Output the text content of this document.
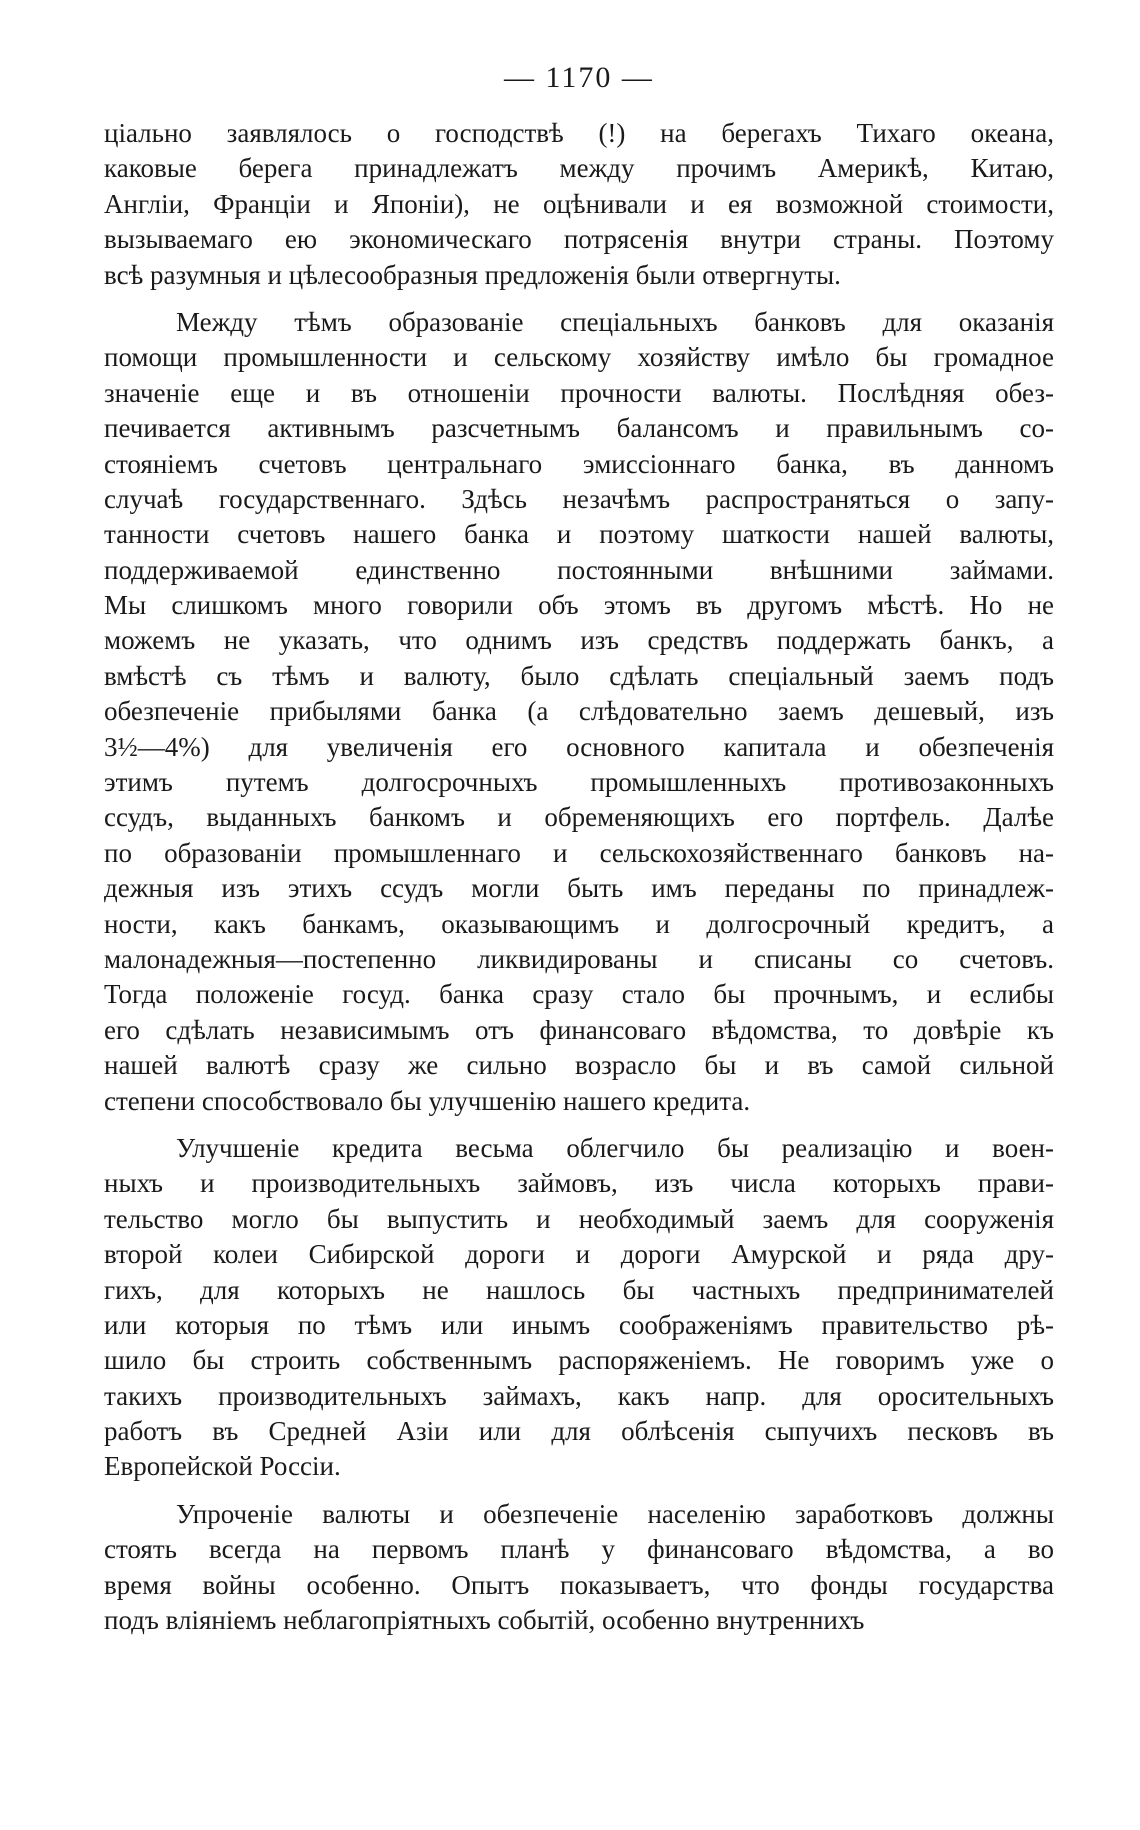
— 1170 —
ціально заявлялось о господствѣ (!) на берегахъ Тихаго океана,
каковые берега принадлежатъ между прочимъ Америкѣ, Китаю,
Англіи, Франціи и Японіи), не оцѣнивали и ея возможной стоимости,
вызываемаго ею экономическаго потрясенія внутри страны. Поэтому
всѣ разумныя и цѣлесообразныя предложенія были отвергнуты.
Между тѣмъ образованіе спеціальныхъ банковъ для оказанія
помощи промышленности и сельскому хозяйству имѣло бы громадное
значеніе еще и въ отношеніи прочности валюты. Послѣдняя обез-
печивается активнымъ разсчетнымъ балансомъ и правильнымъ со-
стояніемъ счетовъ центральнаго эмиссіоннаго банка, въ данномъ
случаѣ государственнаго. Здѣсь незачѣмъ распространяться о запу-
танности счетовъ нашего банка и поэтому шаткости нашей валюты,
поддерживаемой единственно постоянными внѣшними займами.
Мы слишкомъ много говорили объ этомъ въ другомъ мѣстѣ. Но не
можемъ не указать, что однимъ изъ средствъ поддержать банкъ, а
вмѣстѣ съ тѣмъ и валюту, было сдѣлать спеціальный заемъ подъ
обезпеченіе прибылями банка (а слѣдовательно заемъ дешевый, изъ
3½—4%) для увеличенія его основного капитала и обезпеченія
этимъ путемъ долгосрочныхъ промышленныхъ противозаконныхъ
ссудъ, выданныхъ банкомъ и обременяющихъ его портфель. Далѣе
по образованіи промышленнаго и сельскохозяйственнаго банковъ на-
дежныя изъ этихъ ссудъ могли быть имъ переданы по принадлеж-
ности, какъ банкамъ, оказывающимъ и долгосрочный кредитъ, а
малонадежныя—постепенно ликвидированы и списаны со счетовъ.
Тогда положеніе госуд. банка сразу стало бы прочнымъ, и еслибы
его сдѣлать независимымъ отъ финансоваго вѣдомства, то довѣріе къ
нашей валютѣ сразу же сильно возрасло бы и въ самой сильной
степени способствовало бы улучшенію нашего кредита.
Улучшеніе кредита весьма облегчило бы реализацію и воен-
ныхъ и производительныхъ займовъ, изъ числа которыхъ прави-
тельство могло бы выпустить и необходимый заемъ для сооруженія
второй колеи Сибирской дороги и дороги Амурской и ряда дру-
гихъ, для которыхъ не нашлось бы частныхъ предпринимателей
или которыя по тѣмъ или инымъ соображеніямъ правительство рѣ-
шило бы строить собственнымъ распоряженіемъ. Не говоримъ уже о
такихъ производительныхъ займахъ, какъ напр. для оросительныхъ
работъ въ Средней Азіи или для облѣсенія сыпучихъ песковъ въ
Европейской Россіи.
Упроченіе валюты и обезпеченіе населенію заработковъ должны
стоять всегда на первомъ планѣ у финансоваго вѣдомства, а во
время войны особенно. Опытъ показываетъ, что фонды государства
подъ вліяніемъ неблагопріятныхъ событій, особенно внутреннихъ
